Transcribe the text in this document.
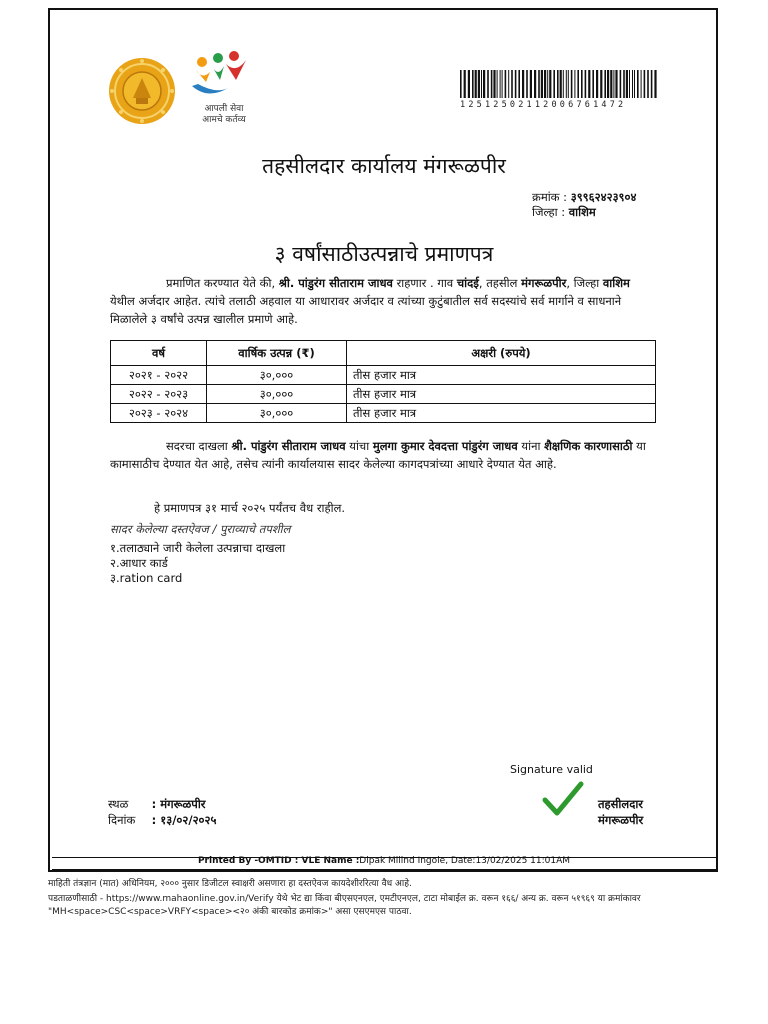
आपली सेवा
आमचे कर्तव्य
12512502112006761472
तहसीलदार कार्यालय मंगरूळपीर
क्रमांक : ३९९६२४२३९०४
जिल्हा : वाशिम
३ वर्षांसाठीउत्पन्नाचे प्रमाणपत्र
प्रमाणित करण्यात येते की, श्री. पांडुरंग सीताराम जाधव राहणार . गाव चांदई, तहसील मंगरूळपीर, जिल्हा वाशिम येथील अर्जदार आहेत. त्यांचे तलाठी अहवाल या आधारावर अर्जदार व त्यांच्या कुटुंबातील सर्व सदस्यांचे सर्व मार्गाने व साधनाने मिळालेले ३ वर्षांचे उत्पन्न खालील प्रमाणे आहे.
वर्ष	वार्षिक उत्पन्न (₹)	अक्षरी (रुपये)
२०२१ - २०२२	३०,०००	तीस हजार मात्र
२०२२ - २०२३	३०,०००	तीस हजार मात्र
२०२३ - २०२४	३०,०००	तीस हजार मात्र
सदरचा दाखला श्री. पांडुरंग सीताराम जाधव यांचा मुलगा कुमार देवदत्ता पांडुरंग जाधव यांना शैक्षणिक कारणासाठी या कामासाठीच देण्यात येत आहे, तसेच त्यांनी कार्यालयास सादर केलेल्या कागदपत्रांच्या आधारे देण्यात येत आहे.
हे प्रमाणपत्र ३१ मार्च २०२५ पर्यंतच वैध राहील.
सादर केलेल्या दस्तऐवज / पुराव्याचे तपशील
१.तलाठ्याने जारी केलेला उत्पन्नाचा दाखला
२.आधार कार्ड
३.ration card
Signature valid
तहसीलदार
मंगरूळपीर
स्थळ : मंगरूळपीर
दिनांक : १३/०२/२०२५
Printed By -OMTID : VLE Name :Dipak Milind Ingole, Date:13/02/2025 11:01AM
माहिती तंत्रज्ञान (मात) अधिनियम, २००० नुसार डिजीटल स्वाक्षरी असणारा हा दस्तऐवज कायदेशीररित्या वैध आहे.
पडताळणीसाठी - https://www.mahaonline.gov.in/Verify येथे भेट द्या किंवा बीएसएनएल, एमटीएनएल, टाटा मोबाईल क्र. वरून १६६/ अन्य क्र. वरून ५१९६९ या क्रमांकावर
"MH<space>CSC<space>VRFY<space><२० अंकी बारकोड क्रमांक>" असा एसएमएस पाठवा.
